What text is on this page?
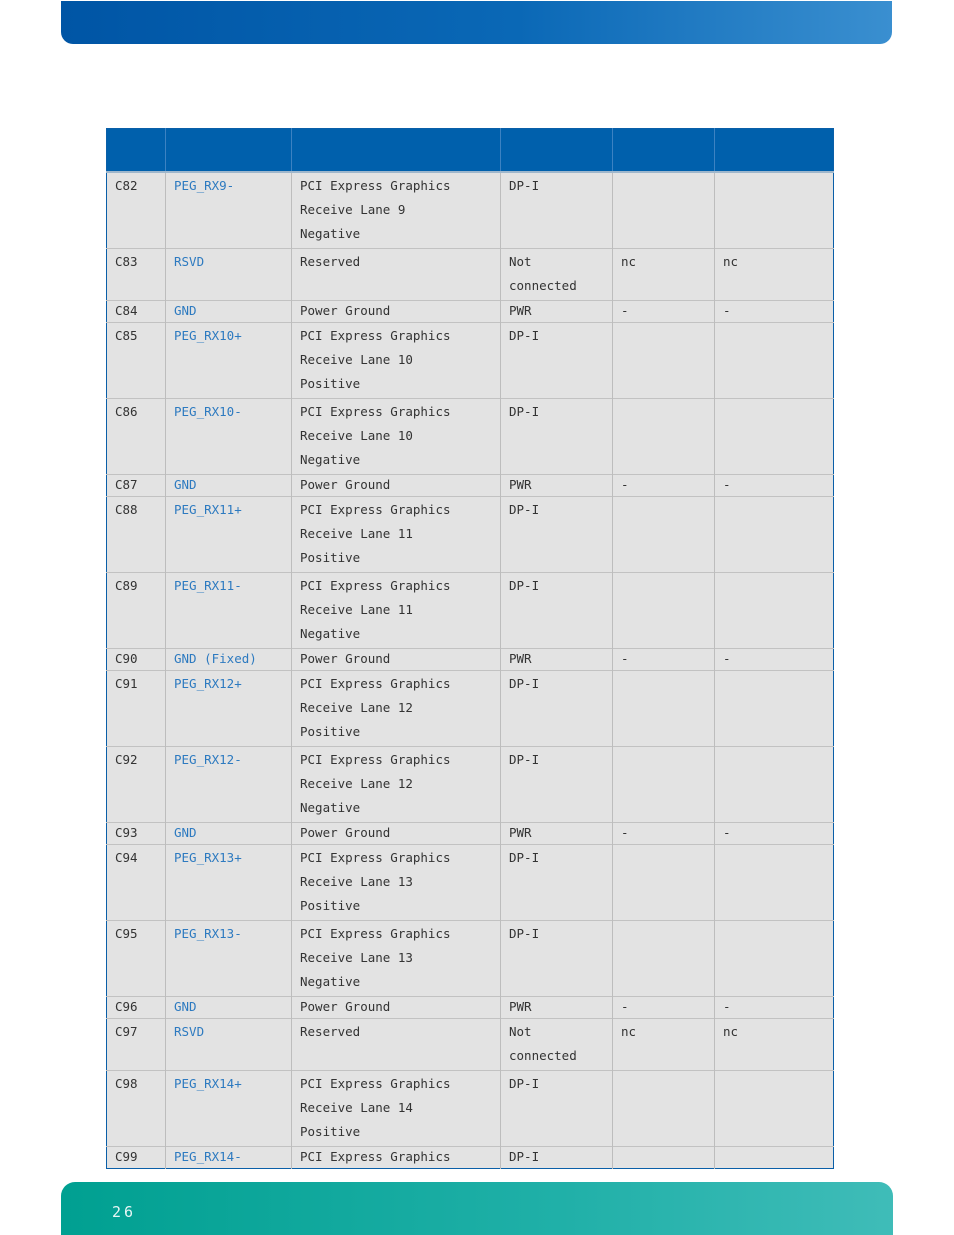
C82	PEG_RX9-	PCI Express Graphics
Receive Lane 9
Negative	DP-I		
C83	RSVD	Reserved	Not
connected	nc	nc
C84	GND	Power Ground	PWR	-	-
C85	PEG_RX10+	PCI Express Graphics
Receive Lane 10
Positive	DP-I		
C86	PEG_RX10-	PCI Express Graphics
Receive Lane 10
Negative	DP-I		
C87	GND	Power Ground	PWR	-	-
C88	PEG_RX11+	PCI Express Graphics
Receive Lane 11
Positive	DP-I		
C89	PEG_RX11-	PCI Express Graphics
Receive Lane 11
Negative	DP-I		
C90	GND (Fixed)	Power Ground	PWR	-	-
C91	PEG_RX12+	PCI Express Graphics
Receive Lane 12
Positive	DP-I		
C92	PEG_RX12-	PCI Express Graphics
Receive Lane 12
Negative	DP-I		
C93	GND	Power Ground	PWR	-	-
C94	PEG_RX13+	PCI Express Graphics
Receive Lane 13
Positive	DP-I		
C95	PEG_RX13-	PCI Express Graphics
Receive Lane 13
Negative	DP-I		
C96	GND	Power Ground	PWR	-	-
C97	RSVD	Reserved	Not
connected	nc	nc
C98	PEG_RX14+	PCI Express Graphics
Receive Lane 14
Positive	DP-I		
C99	PEG_RX14-	PCI Express Graphics	DP-I		
26
